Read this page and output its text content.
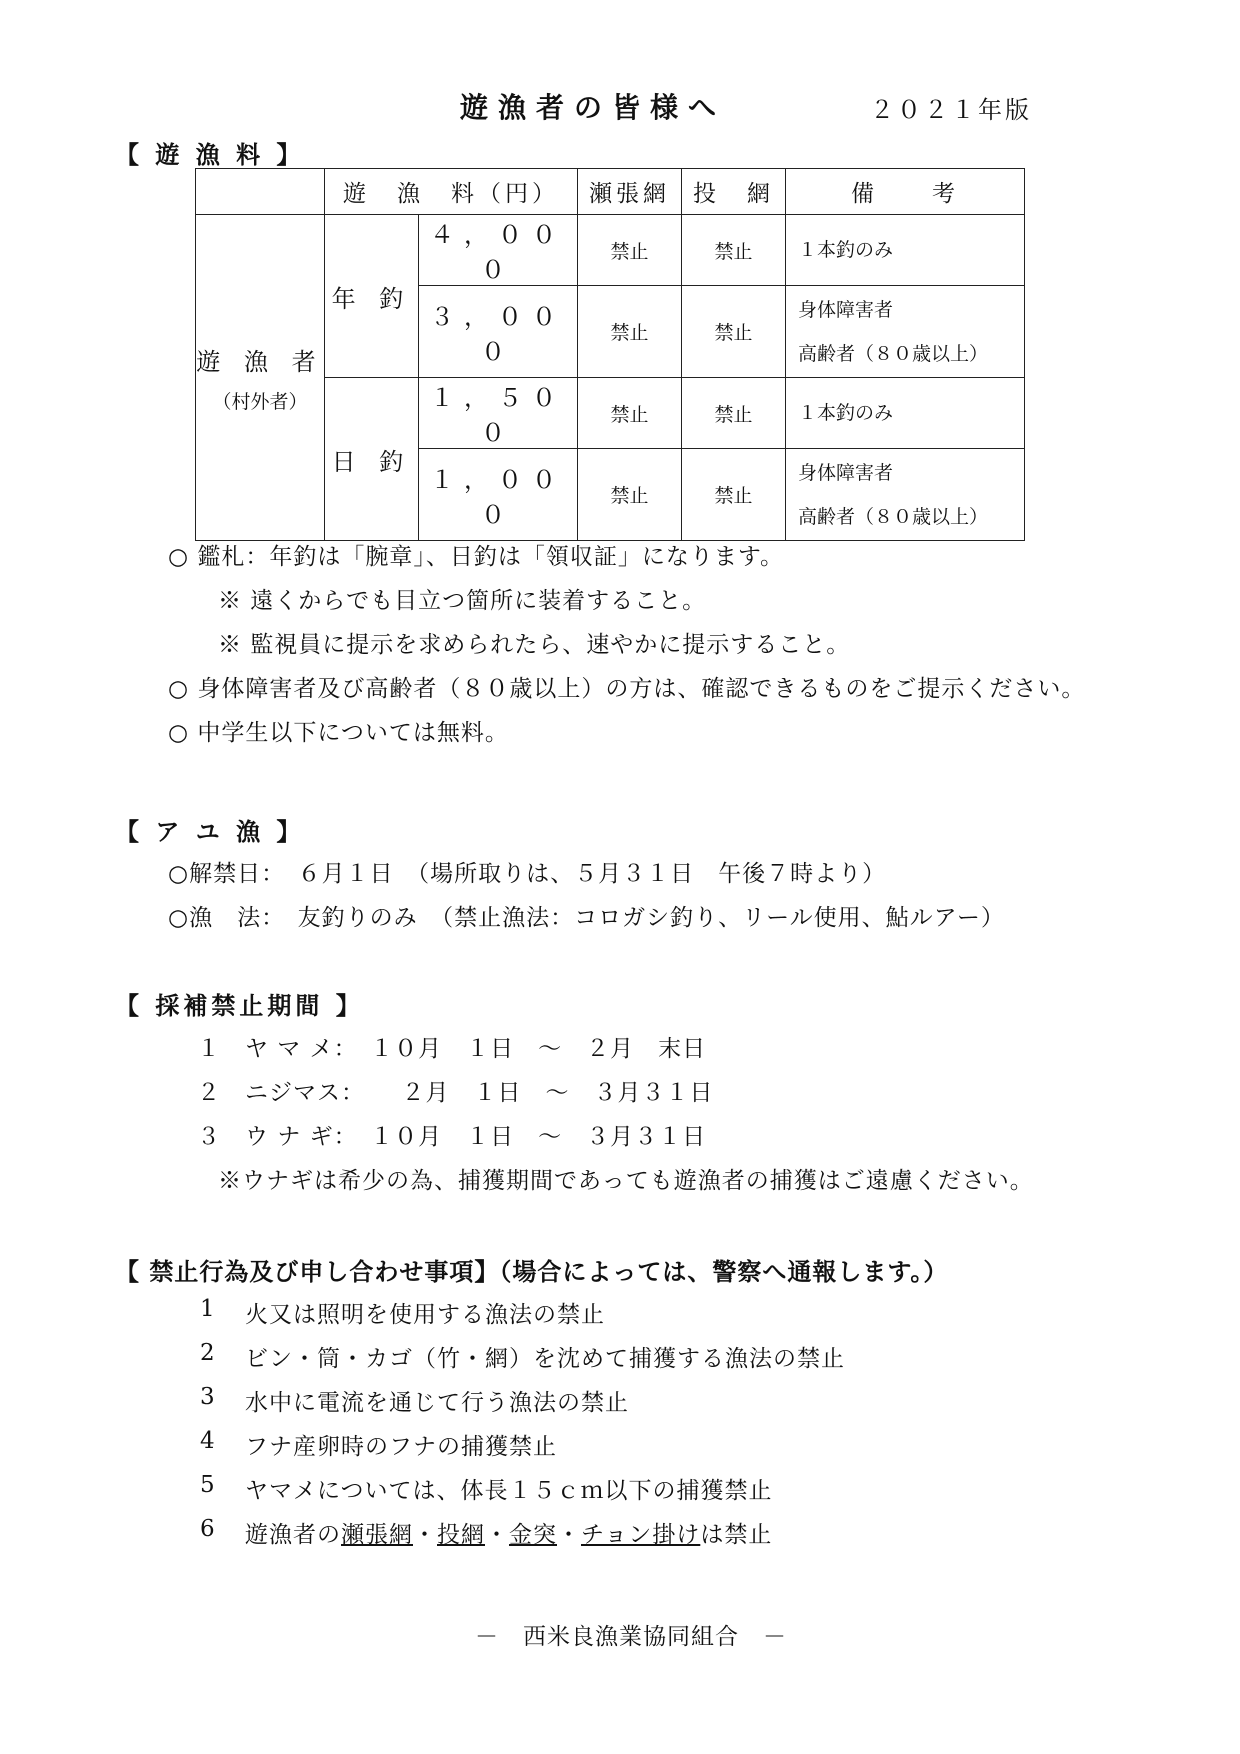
遊漁者の皆様へ	２０２１年版
【 遊 漁 料 】
	遊　漁　料（円）		瀬張網	投　網	備　　考

遊 漁 者
（村外者）	年 釣	４，０００	禁止	禁止	１本釣のみ
		３，０００	禁止	禁止	身体障害者
高齢者（８０歳以上）

	日 釣	１，５００	禁止	禁止	１本釣のみ
		１，０００	禁止	禁止	身体障害者
高齢者（８０歳以上）
○ 鑑札：年釣は「腕章」、日釣は「領収証」になります。
※ 遠くからでも目立つ箇所に装着すること。
※ 監視員に提示を求められたら、速やかに提示すること。
○ 身体障害者及び高齢者（８０歳以上）の方は、確認できるものをご提示ください。
○ 中学生以下については無料。
【 ア ユ 漁 】
○解禁日：　６月１日　（場所取りは、５月３１日　午後７時より）
○漁　法：　友釣りのみ　（禁止漁法：コロガシ釣り、リール使用、鮎ルアー）
【 採補禁止期間 】
１　ヤ マ メ：　１０月　１日　～　２月　末日
２　ニジマス：　　２月　１日　～　３月３１日
３　ウ ナ ギ：　１０月　１日　～　３月３１日
※ウナギは希少の為、捕獲期間であっても遊漁者の捕獲はご遠慮ください。
【 禁止行為及び申し合わせ事項】（場合によっては、警察へ通報します。）
1 火又は照明を使用する漁法の禁止
2 ビン・筒・カゴ（竹・網）を沈めて捕獲する漁法の禁止
3 水中に電流を通じて行う漁法の禁止
4 フナ産卵時のフナの捕獲禁止
5 ヤマメについては、体長１５ｃｍ以下の捕獲禁止
6 遊漁者の瀬張網・投網・金突・チョン掛けは禁止
－　西米良漁業協同組合　－
